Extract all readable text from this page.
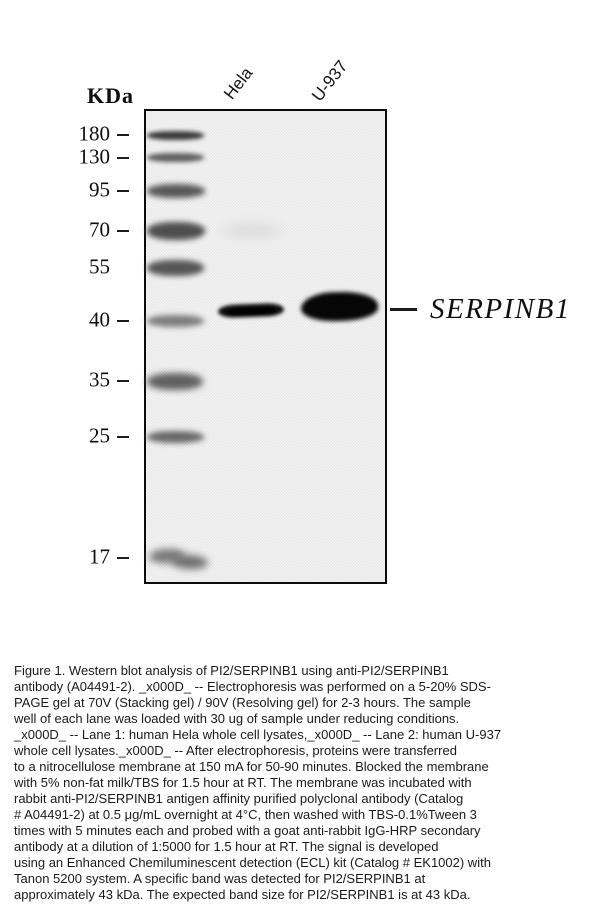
KDa
180
130
95
70
55
40
35
25
17
Hela	U-937
SERPINB1
Figure 1. Western blot analysis of PI2/SERPINB1 using anti-PI2/SERPINB1
antibody (A04491-2). _x000D_ -- Electrophoresis was performed on a 5-20% SDS-
PAGE gel at 70V (Stacking gel) / 90V (Resolving gel) for 2-3 hours. The sample
well of each lane was loaded with 30 ug of sample under reducing conditions.
_x000D_ -- Lane 1: human Hela whole cell lysates,_x000D_ -- Lane 2: human U-937
whole cell lysates._x000D_ -- After electrophoresis, proteins were transferred
to a nitrocellulose membrane at 150 mA for 50-90 minutes. Blocked the membrane
with 5% non-fat milk/TBS for 1.5 hour at RT. The membrane was incubated with
rabbit anti-PI2/SERPINB1 antigen affinity purified polyclonal antibody (Catalog
# A04491-2) at 0.5 μg/mL overnight at 4°C, then washed with TBS-0.1%Tween 3
times with 5 minutes each and probed with a goat anti-rabbit IgG-HRP secondary
antibody at a dilution of 1:5000 for 1.5 hour at RT. The signal is developed
using an Enhanced Chemiluminescent detection (ECL) kit (Catalog # EK1002) with
Tanon 5200 system. A specific band was detected for PI2/SERPINB1 at
approximately 43 kDa. The expected band size for PI2/SERPINB1 is at 43 kDa.
